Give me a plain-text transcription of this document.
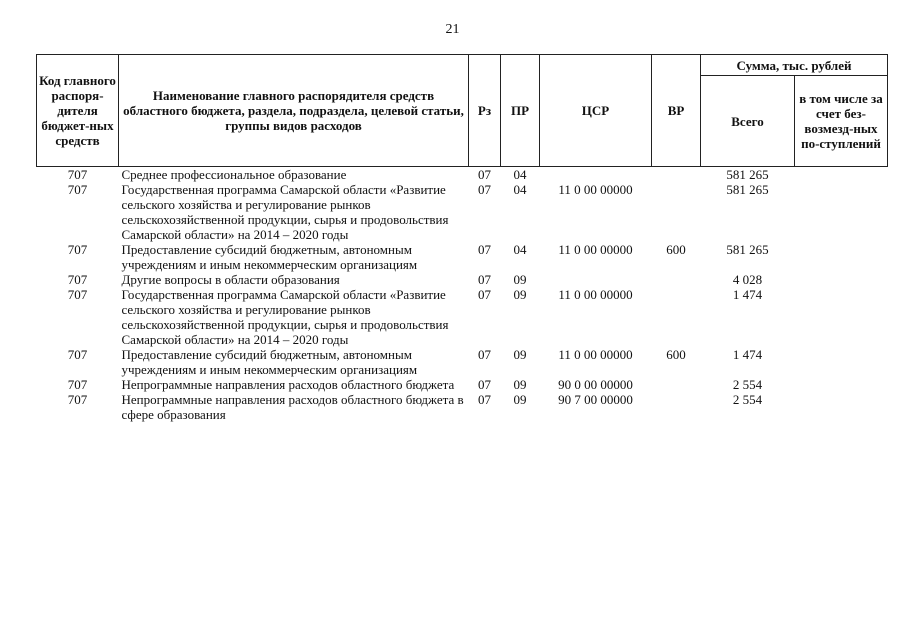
21
Код главного распоря-дителя бюджет-ных средств	Наименование главного распорядителя средств областного бюджета, раздела, подраздела, целевой статьи, группы видов расходов	Рз	ПР	ЦСР	ВР	Сумма, тыс. рублей	
						Всего	в том числе за счет без-возмезд-ных по-ступлений
707	Среднее профессиональное образование	07	04			581 265	
707	Государственная программа Самарской области «Развитие сельского хозяйства и регулирование рынков сельскохозяйственной продукции, сырья и продовольствия Самарской области» на 2014 – 2020 годы	07	04	11 0 00 00000		581 265	
707	Предоставление субсидий бюджетным, автономным учреждениям и иным некоммерческим организациям	07	04	11 0 00 00000	600	581 265	
707	Другие вопросы в области образования	07	09			4 028	
707	Государственная программа Самарской области «Развитие сельского хозяйства и регулирование рынков сельскохозяйственной продукции, сырья и продовольствия Самарской области» на 2014 – 2020 годы	07	09	11 0 00 00000		1 474	
707	Предоставление субсидий бюджетным, автономным учреждениям и иным некоммерческим организациям	07	09	11 0 00 00000	600	1 474	
707	Непрограммные направления расходов областного бюджета	07	09	90 0 00 00000		2 554	
707	Непрограммные направления расходов областного бюджета в сфере образования	07	09	90 7 00 00000		2 554	
